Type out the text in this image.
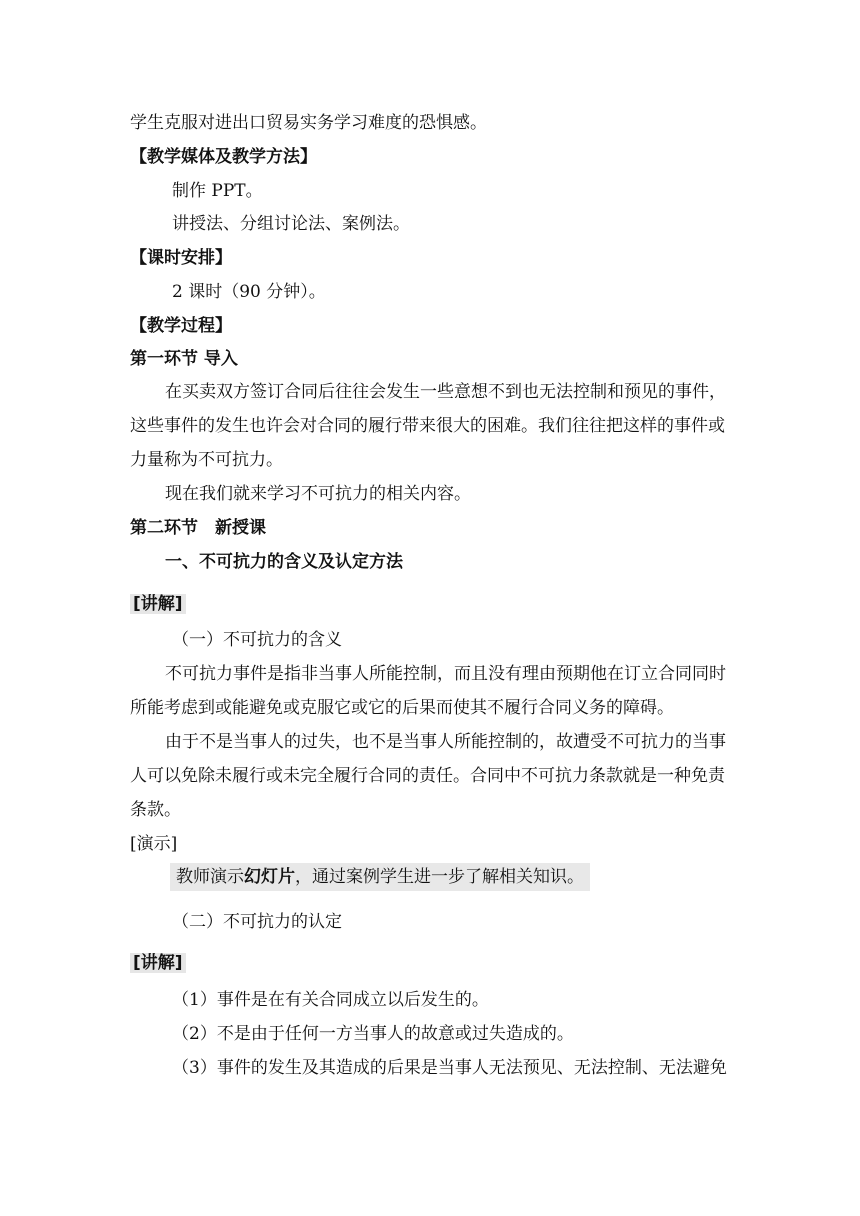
学生克服对进出口贸易实务学习难度的恐惧感。
【教学媒体及教学方法】
制作 PPT。
讲授法、分组讨论法、案例法。
【课时安排】
2 课时（90 分钟）。
【教学过程】
第一环节 导入
在买卖双方签订合同后往往会发生一些意想不到也无法控制和预见的事件，
这些事件的发生也许会对合同的履行带来很大的困难。我们往往把这样的事件或
力量称为不可抗力。
现在我们就来学习不可抗力的相关内容。
第二环节　新授课
一、不可抗力的含义及认定方法
[讲解]
（一）不可抗力的含义
不可抗力事件是指非当事人所能控制，而且没有理由预期他在订立合同同时
所能考虑到或能避免或克服它或它的后果而使其不履行合同义务的障碍。
由于不是当事人的过失，也不是当事人所能控制的，故遭受不可抗力的当事
人可以免除未履行或未完全履行合同的责任。合同中不可抗力条款就是一种免责
条款。
[演示]
教师演示幻灯片，通过案例学生进一步了解相关知识。
（二）不可抗力的认定
[讲解]
（1）事件是在有关合同成立以后发生的。
（2）不是由于任何一方当事人的故意或过失造成的。
（3）事件的发生及其造成的后果是当事人无法预见、无法控制、无法避免
